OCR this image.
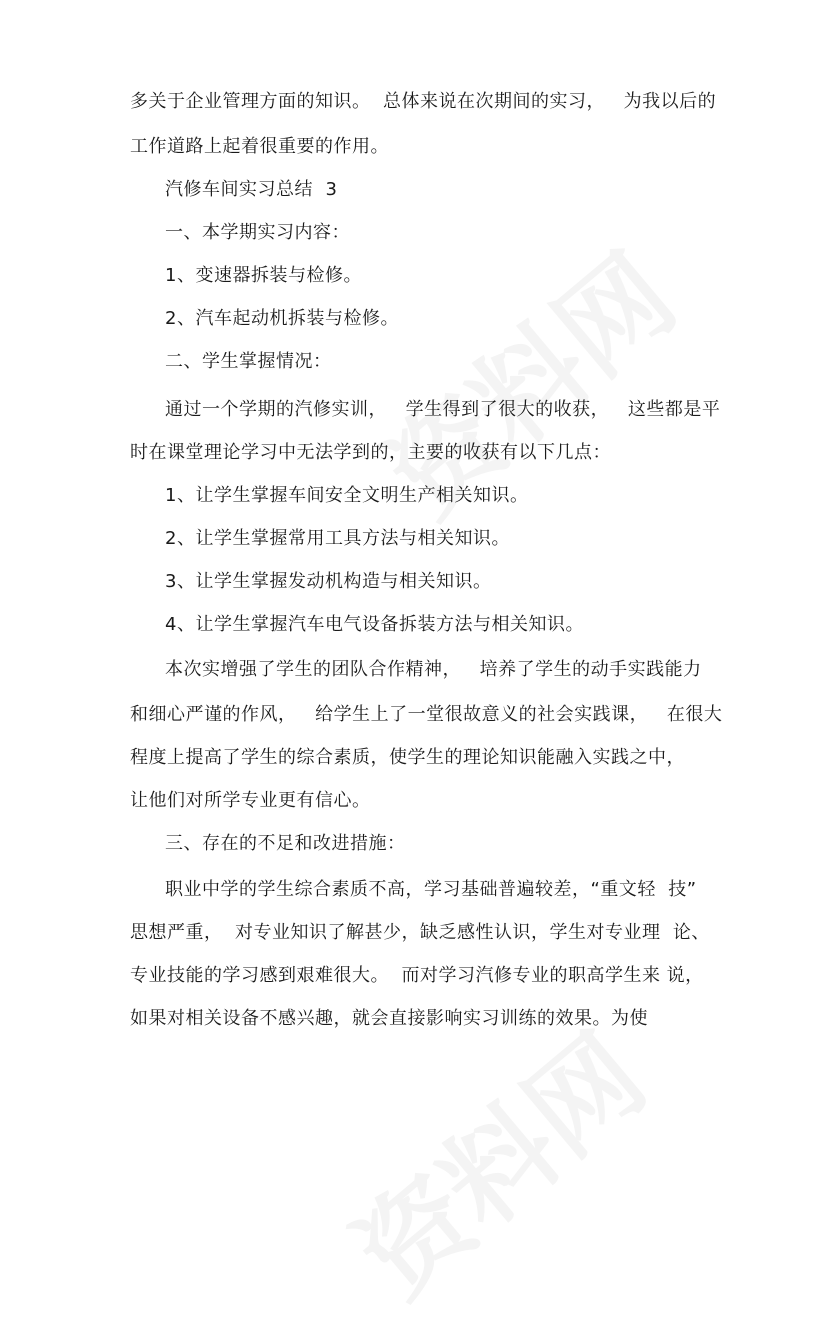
多关于企业管理方面的知识。  总体来说在次期间的实习，   为我以后的
工作道路上起着很重要的作用。
汽修车间实习总结  3
一、本学期实习内容：
1、变速器拆装与检修。
2、汽车起动机拆装与检修。
二、学生掌握情况：
通过一个学期的汽修实训，   学生得到了很大的收获，   这些都是平
时在课堂理论学习中无法学到的，主要的收获有以下几点：
1、让学生掌握车间安全文明生产相关知识。
2、让学生掌握常用工具方法与相关知识。
3、让学生掌握发动机构造与相关知识。
4、让学生掌握汽车电气设备拆装方法与相关知识。
本次实增强了学生的团队合作精神，   培养了学生的动手实践能力
和细心严谨的作风，   给学生上了一堂很故意义的社会实践课，   在很大
程度上提高了学生的综合素质，使学生的理论知识能融入实践之中，
让他们对所学专业更有信心。
三、存在的不足和改进措施：
职业中学的学生综合素质不高，学习基础普遍较差，“重文轻  技”
思想严重，  对专业知识了解甚少，缺乏感性认识，学生对专业理  论、
专业技能的学习感到艰难很大。  而对学习汽修专业的职高学生来 说，
如果对相关设备不感兴趣，就会直接影响实习训练的效果。为使
